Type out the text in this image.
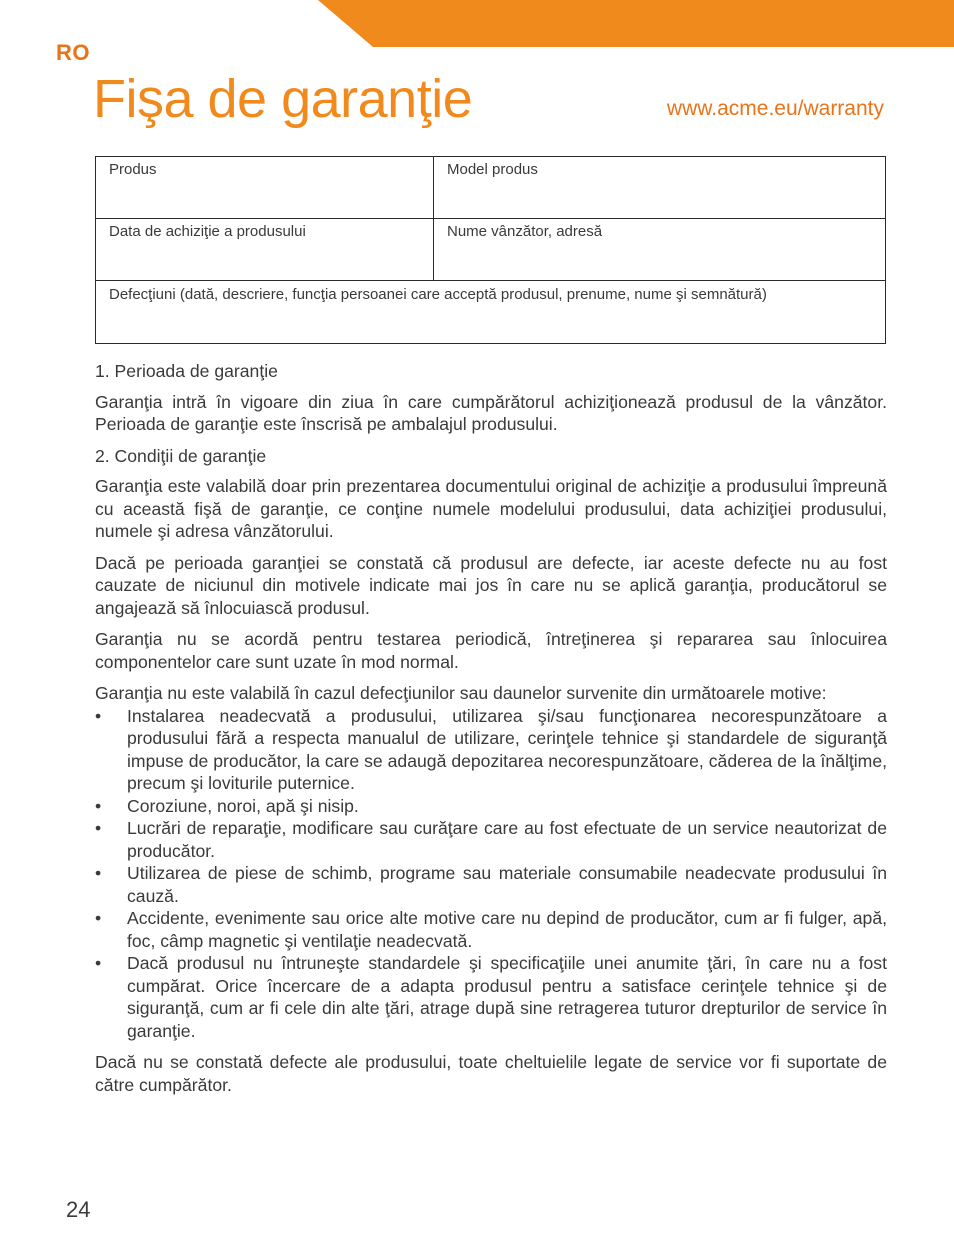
RO
Fişa de garanţie	www.acme.eu/warranty
Produs	Model produs
Data de achiziţie a produsului	Nume vânzător, adresă
Defecţiuni (dată, descriere, funcţia persoanei care acceptă produsul, prenume, nume şi semnătură)	

1. Perioada de garanţie

Garanţia intră în vigoare din ziua în care cumpărătorul achiziţionează produsul de la vânzător. Perioada de garanţie este înscrisă pe ambalajul produsului.

2. Condiţii de garanţie

Garanţia este valabilă doar prin prezentarea documentului original de achiziţie a produsului împreună cu această fişă de garanţie, ce conţine numele modelului produsului, data achiziţiei produsului, numele şi adresa vânzătorului.

Dacă pe perioada garanţiei se constată că produsul are defecte, iar aceste defecte nu au fost cauzate de niciunul din motivele indicate mai jos în care nu se aplică garanţia, producătorul se angajează să înlocuiască produsul.

Garanţia nu se acordă pentru testarea periodică, întreţinerea şi repararea sau înlocuirea componentelor care sunt uzate în mod normal.

Garanţia nu este valabilă în cazul defecţiunilor sau daunelor survenite din următoarele motive:

• Instalarea neadecvată a produsului, utilizarea şi/sau funcţionarea necorespunzătoare a produsului fără a respecta manualul de utilizare, cerinţele tehnice şi standardele de siguranţă impuse de producător, la care se adaugă depozitarea necorespunzătoare, căderea de la înălţime, precum şi loviturile puternice.
• Coroziune, noroi, apă şi nisip.
• Lucrări de reparaţie, modificare sau curăţare care au fost efectuate de un service neautorizat de producător.
• Utilizarea de piese de schimb, programe sau materiale consumabile neadecvate produsului în cauză.
• Accidente, evenimente sau orice alte motive care nu depind de producător, cum ar fi fulger, apă, foc, câmp magnetic şi ventilaţie neadecvată.
• Dacă produsul nu întruneşte standardele şi specificaţiile unei anumite ţări, în care nu a fost cumpărat. Orice încercare de a adapta produsul pentru a satisface cerinţele tehnice şi de siguranţă, cum ar fi cele din alte ţări, atrage după sine retragerea tuturor drepturilor de service în garanţie.

Dacă nu se constată defecte ale produsului, toate cheltuielile legate de service vor fi suportate de către cumpărător.

24
